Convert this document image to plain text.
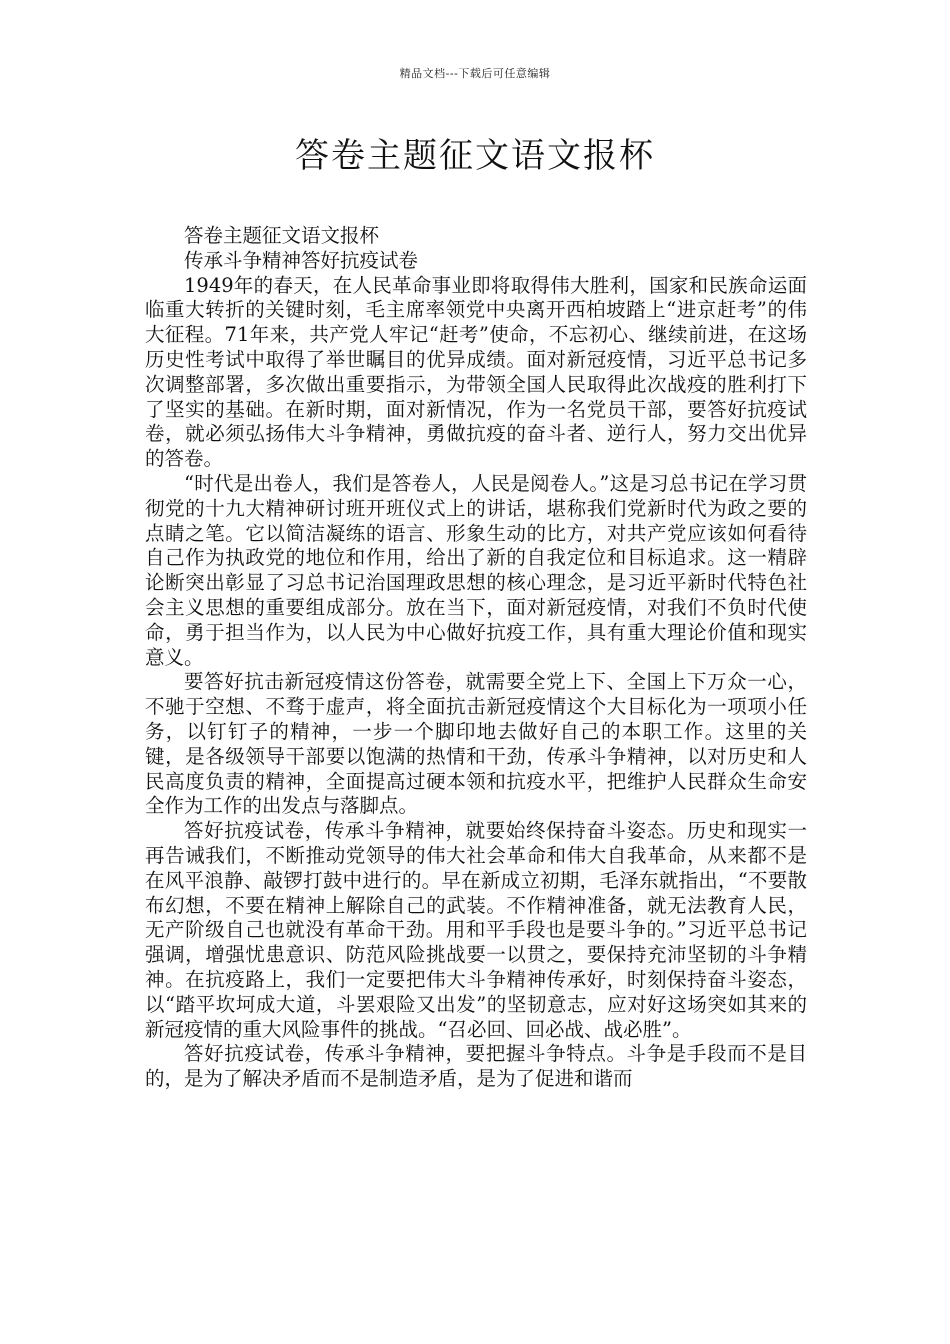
精品文档---下载后可任意编辑
答卷主题征文语文报杯

答卷主题征文语文报杯

传承斗争精神答好抗疫试卷

1949年的春天，在人民革命事业即将取得伟大胜利，国家和民族命运面临重大转折的关键时刻，毛主席率领党中央离开西柏坡踏上“进京赶考”的伟大征程。71年来，共产党人牢记“赶考”使命，不忘初心、继续前进，在这场历史性考试中取得了举世瞩目的优异成绩。面对新冠疫情，习近平总书记多次调整部署，多次做出重要指示，为带领全国人民取得此次战疫的胜利打下了坚实的基础。在新时期，面对新情况，作为一名党员干部，要答好抗疫试卷，就必须弘扬伟大斗争精神，勇做抗疫的奋斗者、逆行人，努力交出优异的答卷。

“时代是出卷人，我们是答卷人，人民是阅卷人。”这是习总书记在学习贯彻党的十九大精神研讨班开班仪式上的讲话，堪称我们党新时代为政之要的点睛之笔。它以简洁凝练的语言、形象生动的比方，对共产党应该如何看待自己作为执政党的地位和作用，给出了新的自我定位和目标追求。这一精辟论断突出彰显了习总书记治国理政思想的核心理念，是习近平新时代特色社会主义思想的重要组成部分。放在当下，面对新冠疫情，对我们不负时代使命，勇于担当作为，以人民为中心做好抗疫工作，具有重大理论价值和现实意义。

要答好抗击新冠疫情这份答卷，就需要全党上下、全国上下万众一心，不驰于空想、不骛于虚声，将全面抗击新冠疫情这个大目标化为一项项小任务，以钉钉子的精神，一步一个脚印地去做好自己的本职工作。这里的关键，是各级领导干部要以饱满的热情和干劲，传承斗争精神，以对历史和人民高度负责的精神，全面提高过硬本领和抗疫水平，把维护人民群众生命安全作为工作的出发点与落脚点。

答好抗疫试卷，传承斗争精神，就要始终保持奋斗姿态。历史和现实一再告诫我们，不断推动党领导的伟大社会革命和伟大自我革命，从来都不是在风平浪静、敲锣打鼓中进行的。早在新成立初期，毛泽东就指出，“不要散布幻想，不要在精神上解除自己的武装。不作精神准备，就无法教育人民，无产阶级自己也就没有革命干劲。用和平手段也是要斗争的。”习近平总书记强调，增强忧患意识、防范风险挑战要一以贯之，要保持充沛坚韧的斗争精神。在抗疫路上，我们一定要把伟大斗争精神传承好，时刻保持奋斗姿态，以“踏平坎坷成大道，斗罢艰险又出发”的坚韧意志，应对好这场突如其来的新冠疫情的重大风险事件的挑战。“召必回、回必战、战必胜”。

答好抗疫试卷，传承斗争精神，要把握斗争特点。斗争是手段而不是目的，是为了解决矛盾而不是制造矛盾，是为了促进和谐而
